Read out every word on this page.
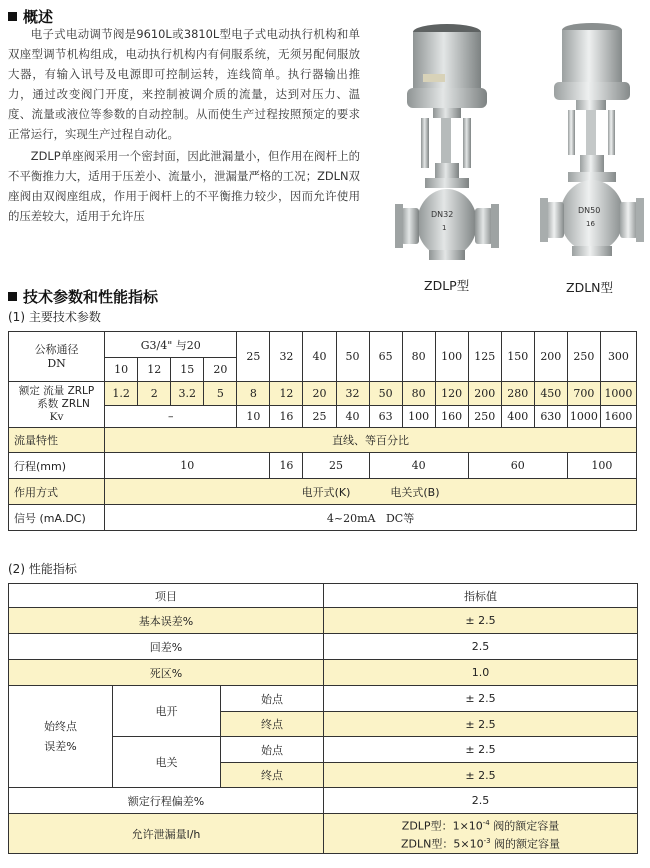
概述

电子式电动调节阀是9610L或3810L型电子式电动执行机构和单双座型调节机构组成，电动执行机构内有伺服系统，无须另配伺服放大器，有输入讯号及电源即可控制运转，连线简单。执行器输出推力，通过改变阀门开度，来控制被调介质的流量，达到对压力、温度、流量或液位等参数的自动控制。从而使生产过程按照预定的要求正常运行，实现生产过程自动化。

ZDLP单座阀采用一个密封面，因此泄漏量小，但作用在阀杆上的不平衡推力大，适用于压差小、流量小，泄漏量严格的工况；ZDLN双座阀由双阀座组成，作用于阀杆上的不平衡推力较少，因而允许使用的压差较大，适用于允许压	DN32
1
DN50
16
ZDLP型	ZDLN型
技术参数和性能指标
(1) 主要技术参数
公称通径
DN	G3/4" 与20				25	32	40	50	65	80	100	125	150	200	250	300
	10	12	15	20												

额定 流量 ZRLP
系数 ZRLN
Kv	1.2	2	3.2	5	8	12	20	32	50	80	120	200	280	450	700	1000
	–				10	16	25	40	63	100	160	250	400	630	1000	1600
流量特性	直线、等百分比															
行程(mm)	10					16	25		40			60			100	
作用方式	电开式(K) 电关式(B)															
信号 (mA.DC)	4~20mA   DC等															
(2) 性能指标
项目			指标值
基本误差%			± 2.5
回差%			2.5
死区%			1.0

始终点
误差%	电开	始点	± 2.5
		终点	± 2.5
	电关	始点	± 2.5
		终点	± 2.5
额定行程偏差%			2.5
允许泄漏量l/h			ZDLP型：$1\times 10^{-4}$ 阀的额定容量
ZDLN型：$5\times 10^{-3}$ 阀的额定容量
